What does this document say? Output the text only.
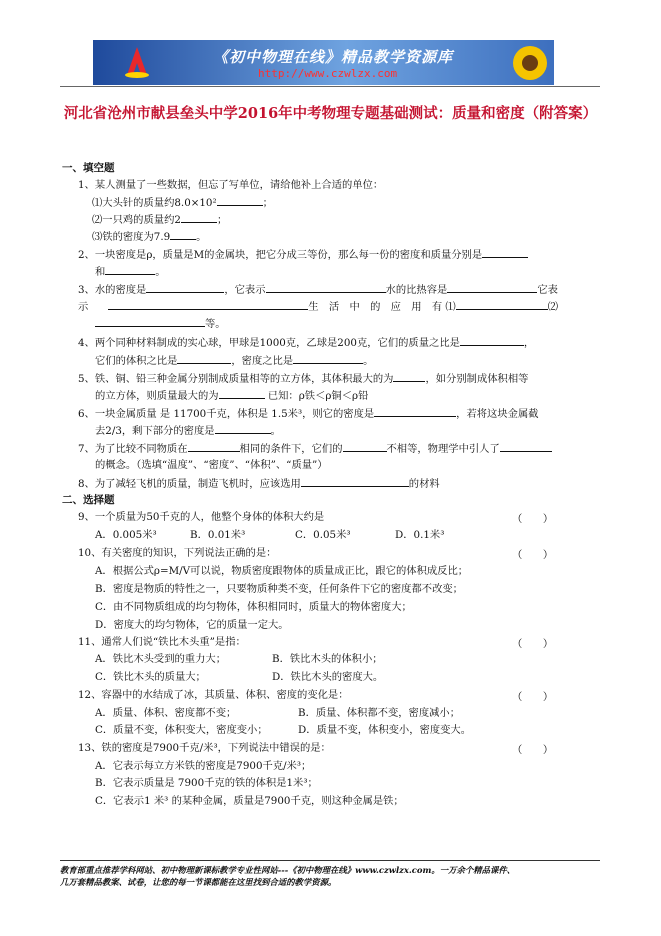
《初中物理在线》精品教学资源库
http://www.czwlzx.com
河北省沧州市献县垒头中学2016年中考物理专题基础测试：质量和密度（附答案）
一、填空题
1、某人测量了一些数据，但忘了写单位，请给他补上合适的单位：
⑴大头针的质量约8.0×10²	；
⑵一只鸡的质量约2	；
⑶铁的密度为7.9	。
2、一块密度是ρ，质量是M的金属块，把它分成三等份，那么每一份的密度和质量分别是
和	。
3、水的密度是	，它表示	水的比热容是	它表
示	生　活　中　的　应　用　有 ⑴	⑵
等。
4、两个同种材料制成的实心球，甲球是1000克，乙球是200克，它们的质量之比是	，
它们的体积之比是	，密度之比是	。
5、铁、铜、铅三种金属分别制成质量相等的立方体，其体积最大的为	，如分别制成体积相等
的立方体，则质量最大的为	已知：ρ铁＜ρ铜＜ρ铅
6、一块金属质量 是 11700千克，体积是 1.5米³，则它的密度是	，若将这块金属截
去2/3，剩下部分的密度是	。
7、为了比较不同物质在	相同的条件下，它们的	不相等，物理学中引人了
的概念。（选填“温度”、“密度”、“体积”、“质量”）
8、为了减轻飞机的质量，制造飞机时，应该选用	的材料
二、选择题
9、一个质量为50千克的人，他整个身体的体积大约是	（　　）
A．0.005米³	B．0.01米³	C．0.05米³	D．0.1米³
10、有关密度的知识，下列说法正确的是：	（　　）
A．根据公式ρ=M/V可以说，物质密度跟物体的质量成正比，跟它的体积成反比；
B．密度是物质的特性之一，只要物质种类不变，任何条件下它的密度都不改变；
C．由不同物质组成的均匀物体，体积相同时，质量大的物体密度大；
D．密度大的均匀物体，它的质量一定大。
11、通常人们说“铁比木头重”是指：	（　　）
A．铁比木头受到的重力大；	B．铁比木头的体积小；
C．铁比木头的质量大；	D．铁比木头的密度大。
12、容器中的水结成了冰，其质量、体积、密度的变化是：	（　　）
A．质量、体积、密度都不变；	B．质量、体积都不变，密度减小；
C．质量不变，体积变大，密度变小；	D．质量不变，体积变小，密度变大。
13、铁的密度是7900千克/米³，下列说法中错误的是：	（　　）
A．它表示每立方米铁的密度是7900千克/米³；
B．它表示质量是 7900千克的铁的体积是1米³；
C．它表示1 米³ 的某种金属，质量是7900千克，则这种金属是铁；
教育部重点推荐学科网站、初中物理新课标教学专业性网站---《初中物理在线》www.czwlzx.com。一万余个精品课件、
几万套精品教案、试卷，让您的每一节课都能在这里找到合适的教学资源。
